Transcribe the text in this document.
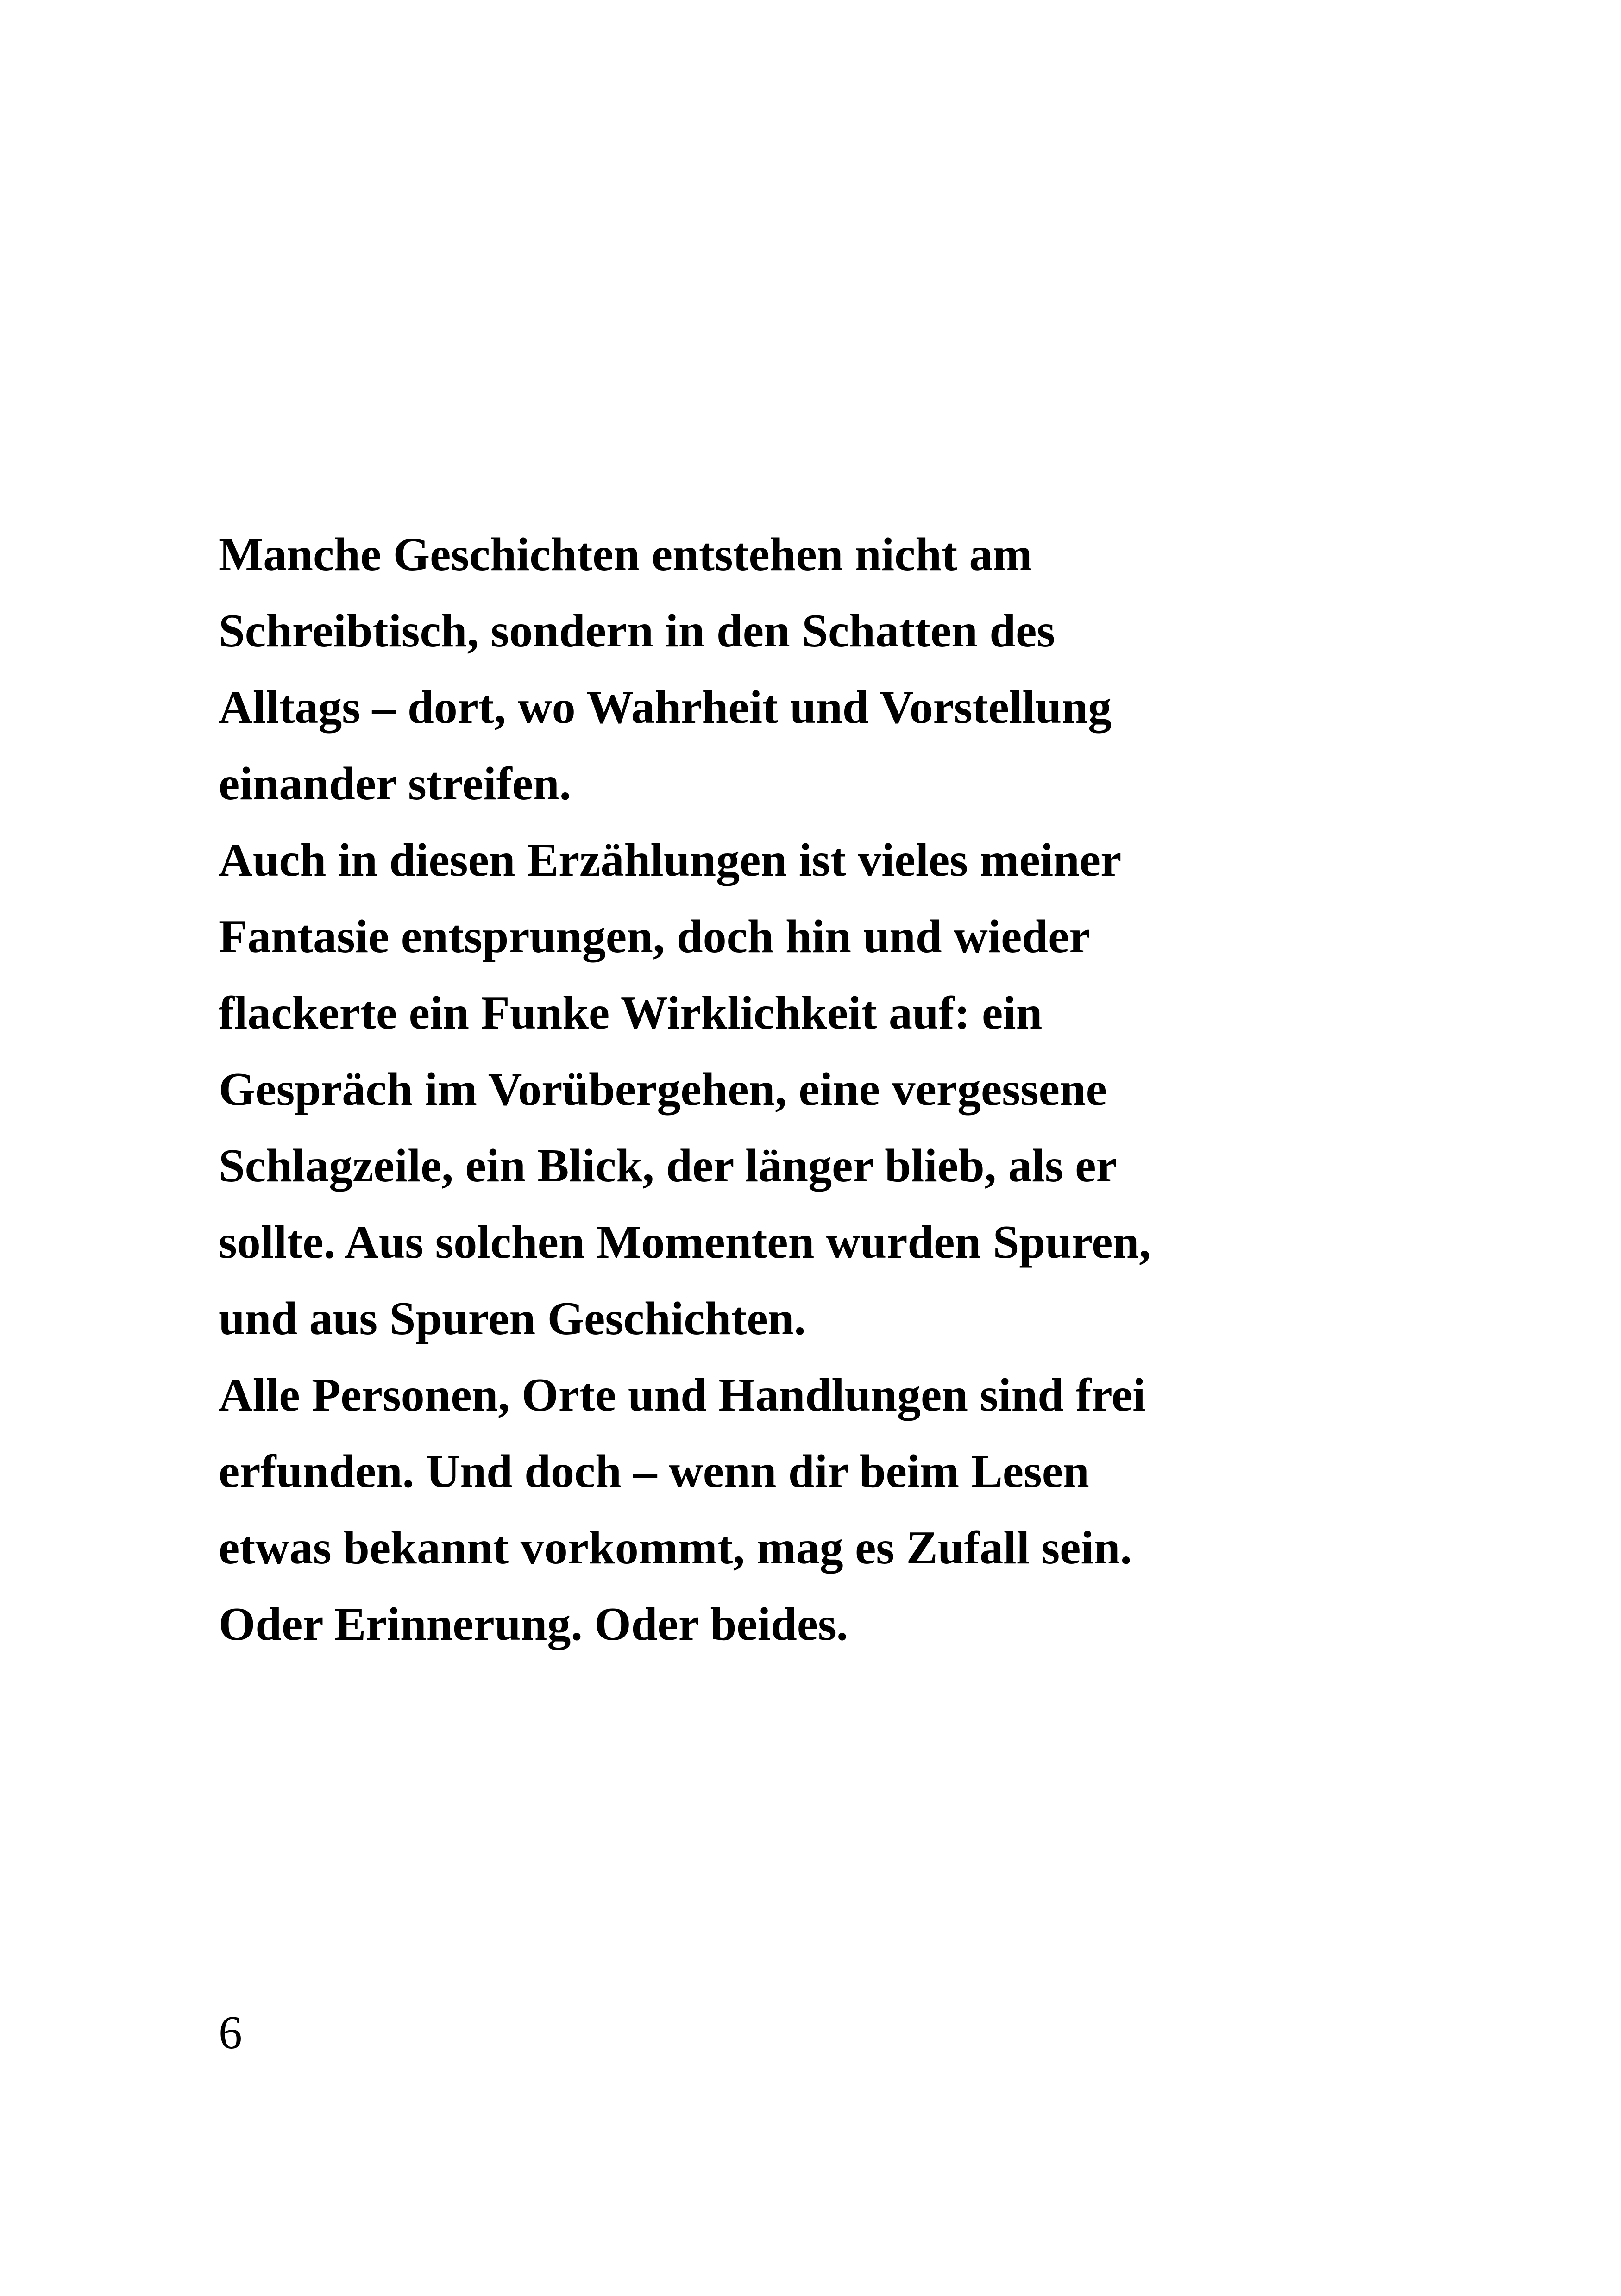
Manche Geschichten entstehen nicht am
Schreibtisch, sondern in den Schatten des
Alltags – dort, wo Wahrheit und Vorstellung
einander streifen.
Auch in diesen Erzählungen ist vieles meiner
Fantasie entsprungen, doch hin und wieder
flackerte ein Funke Wirklichkeit auf: ein
Gespräch im Vorübergehen, eine vergessene
Schlagzeile, ein Blick, der länger blieb, als er
sollte. Aus solchen Momenten wurden Spuren,
und aus Spuren Geschichten.
Alle Personen, Orte und Handlungen sind frei
erfunden. Und doch – wenn dir beim Lesen
etwas bekannt vorkommt, mag es Zufall sein.
Oder Erinnerung. Oder beides.
6
